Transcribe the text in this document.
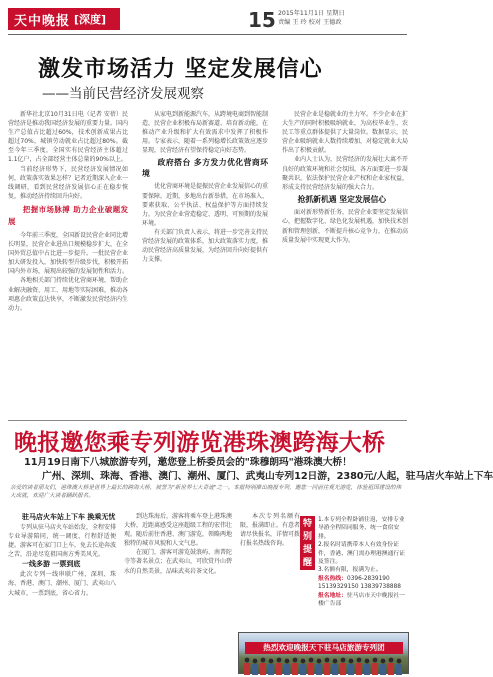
天中晚报 [深度]	15 2015年11月1日 星期日
责编 王 玲 校对 王德政
激发市场活力 坚定发展信心
——当前民营经济发展观察

新华社北京10月31日电（记者 安蓓）民营经济是推动我国经济发展的重要力量。国内生产总值占比超过60%，技术创新成果占比超过70%，城镇劳动就业占比超过80%。截至今年三季度，全国实有民营经济主体超过1.1亿户，占全部经营主体总量的90%以上。

当前经济形势下，民营经济发展情况如何，政策落实效果怎样？记者近期深入企业一线调研，看到民营经济发展信心正在稳步恢复，推动经济持续回升向好。

把握市场脉搏 助力企业破题发展

今年前三季度，全国新设民营企业同比增长明显，民营企业进出口规模稳步扩大，在全国外贸总值中占比进一步提升。一批民营企业加大研发投入，加快转型升级步伐，积极开拓国内外市场，展现出较强的发展韧性和活力。

各地相关部门持续优化营商环境，帮助企业解决融资、用工、用地等实际困难，推动各项惠企政策直达快享，不断激发民营经济内生动力。

从家电到新能源汽车，从跨境电商到智能制造，民营企业积极布局新赛道、培育新动能，在推动产业升级和扩大有效需求中发挥了积极作用。专家表示，随着一系列稳增长政策效应逐步显现，民营经济有望保持稳定向好态势。

政府搭台 多方发力优化营商环境

优化营商环境是提振民营企业发展信心的重要保障。近期，多地出台新举措，在市场准入、要素获取、公平执法、权益保护等方面持续发力，为民营企业营造稳定、透明、可预期的发展环境。

有关部门负责人表示，将进一步完善支持民营经济发展的政策体系，加大政策落实力度，推动民营经济高质量发展，为经济回升向好提供有力支撑。

民营企业是稳就业的主力军。不少企业在扩大生产的同时积极吸纳就业，为高校毕业生、农民工等重点群体提供了大量岗位。数据显示，民营企业吸纳就业人数持续增加，对稳定就业大局作出了积极贡献。

业内人士认为，民营经济的发展壮大离不开良好的政策环境和社会氛围。各方面要进一步凝聚共识，依法保护民营企业产权和企业家权益，形成支持民营经济发展的强大合力。

抢抓新机遇 坚定发展信心

面对新形势新任务，民营企业要坚定发展信心，把握数字化、绿色化发展机遇，加快技术创新和管理创新，不断提升核心竞争力，在推动高质量发展中实现更大作为。

晚报邀您乘专列游览港珠澳跨海大桥
11月19日南下八城旅游专列，邀您登上桥委员会的"珠穆朗玛"港珠澳大桥！
广州、深圳、珠海、香港、澳门、潮州、厦门、武夷山专列12日游，2380元/人起，驻马店火车站上下车
亲爱的读者朋友们，港珠澳大桥是世界上最长的跨海大桥，被誉为"新世界七大奇迹"之一。本报特别推出晚报专列，邀您一同前往观光游览，体验祖国建设的伟大成就，欢迎广大读者踊跃报名。

驻马店火车站上下车 换乘无忧

专列从驻马店火车站始发，全程安排专业导游陪同，统一调度，行程舒适便捷。游客可在家门口上车，免去长途奔波之苦，沿途尽览祖国南方秀美风光。

一线多游 一票到底

此次专列一线串联广州、深圳、珠海、香港、澳门、潮州、厦门、武夷山八大城市，一票到底，省心省力。

到达珠海后，游客将乘车登上港珠澳大桥，近距离感受这座超级工程的宏伟壮观。随后前往香港、澳门游览，领略两地独特的城市风貌和人文气息。

在厦门，游客可游览鼓浪屿、南普陀寺等著名景点；在武夷山，可欣赏丹山碧水的自然美景，品味武夷岩茶文化。

本次专列名额有限，报满即止。有意者请尽快报名，详情可拨打报名热线咨询。

特别提醒
1.本专列全程卧铺往返，安排专业导游全程陪同服务，统一食宿安排。
2.报名时请携带本人有效身份证件，香港、澳门需办理港澳通行证及签注。
3.名额有限，报满为止。
报名热线：0396-2839190
15139329150 13839738888
报名地址：驻马店市天中晚报社一楼广告部
热烈欢迎晚报天下驻马店旅游专列团
